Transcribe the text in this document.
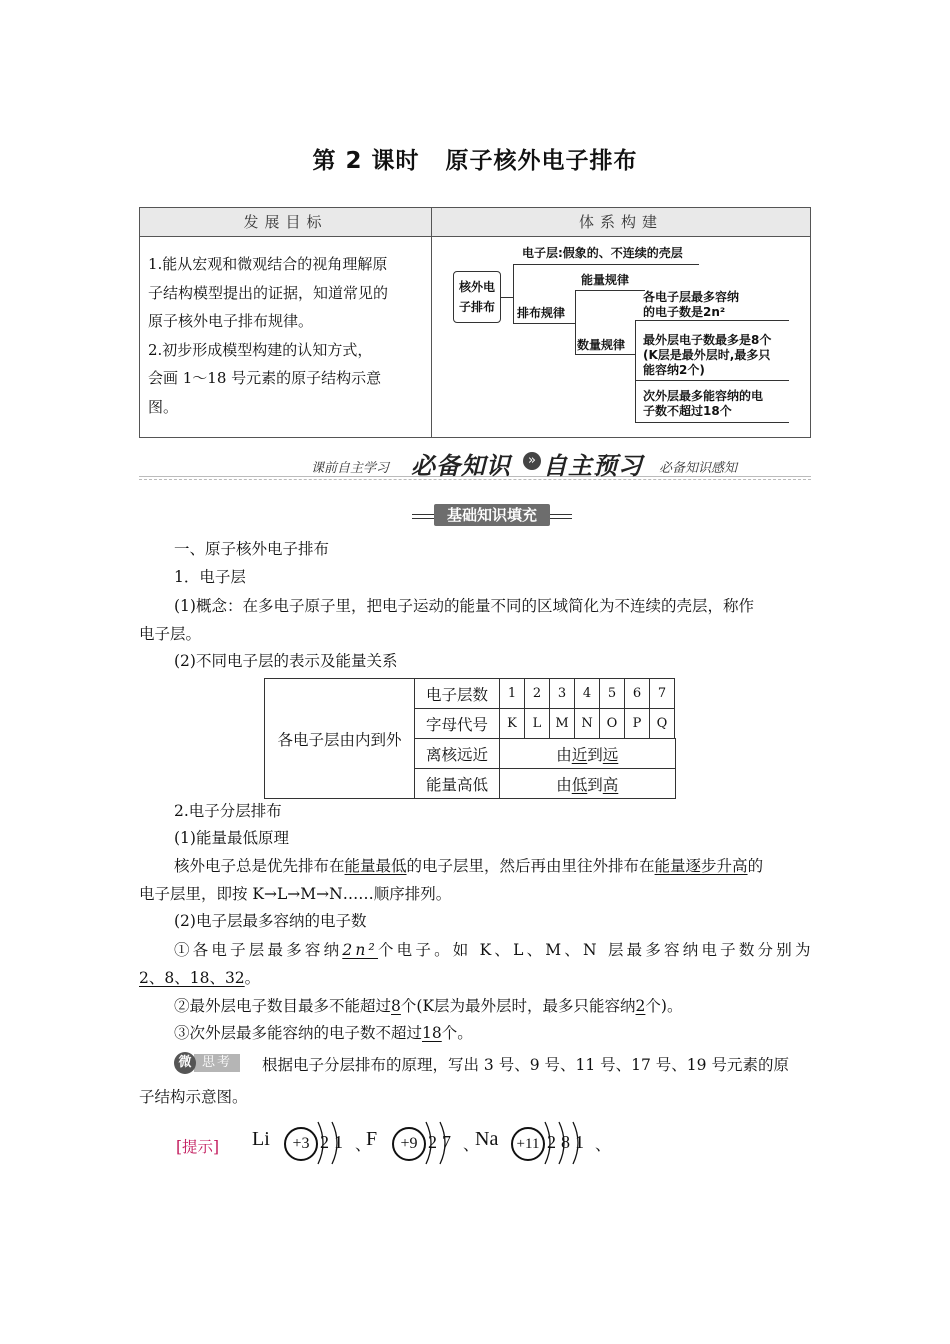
第 2 课时 原子核外电子排布
发展目标	体系构建
1.能从宏观和微观结合的视角理解原
子结构模型提出的证据，知道常见的
原子核外电子排布规律。
2.初步形成模型构建的认知方式，
会画 1～18 号元素的原子结构示意
图。
核外电
子排布
电子层:假象的、不连续的壳层
排布规律
能量规律
数量规律
各电子层最多容纳
的电子数是2n²
最外层电子数最多是8个
(K层是最外层时,最多只
能容纳2个)
次外层最多能容纳的电
子数不超过18个
课前自主学习 必备知识	» 自主预习 必备知识感知
基础知识填充
一、原子核外电子排布
1．电子层
(1)概念：在多电子原子里，把电子运动的能量不同的区域简化为不连续的壳层，称作
电子层。
(2)不同电子层的表示及能量关系
各电子层由内到外	电子层数	1	2	3	4	5	6	7	
	字母代号	K	L	M	N	O	P	Q	
	离核远近	由近到远							
	能量高低	由低到高							
2.电子分层排布
(1)能量最低原理
核外电子总是优先排布在能量最低的电子层里，然后再由里往外排布在能量逐步升高的
电子层里，即按 K→L→M→N……顺序排列。
(2)电子层最多容纳的电子数
①各电子层最多容纳2n²个电子。如 K、L、M、N 层最多容纳电子数分别为
2、8、18、32。
②最外层电子数目最多不能超过8个(K层为最外层时，最多只能容纳2个)。
③次外层最多能容纳的电子数不超过18个。
思考
微	根据电子分层排布的原理，写出 3 号、9 号、11 号、17 号、19 号元素的原
子结构示意图。
[提示] Li	+3 2 1 、
F	+9 2 7 、
Na	+11 2 8 1 、
